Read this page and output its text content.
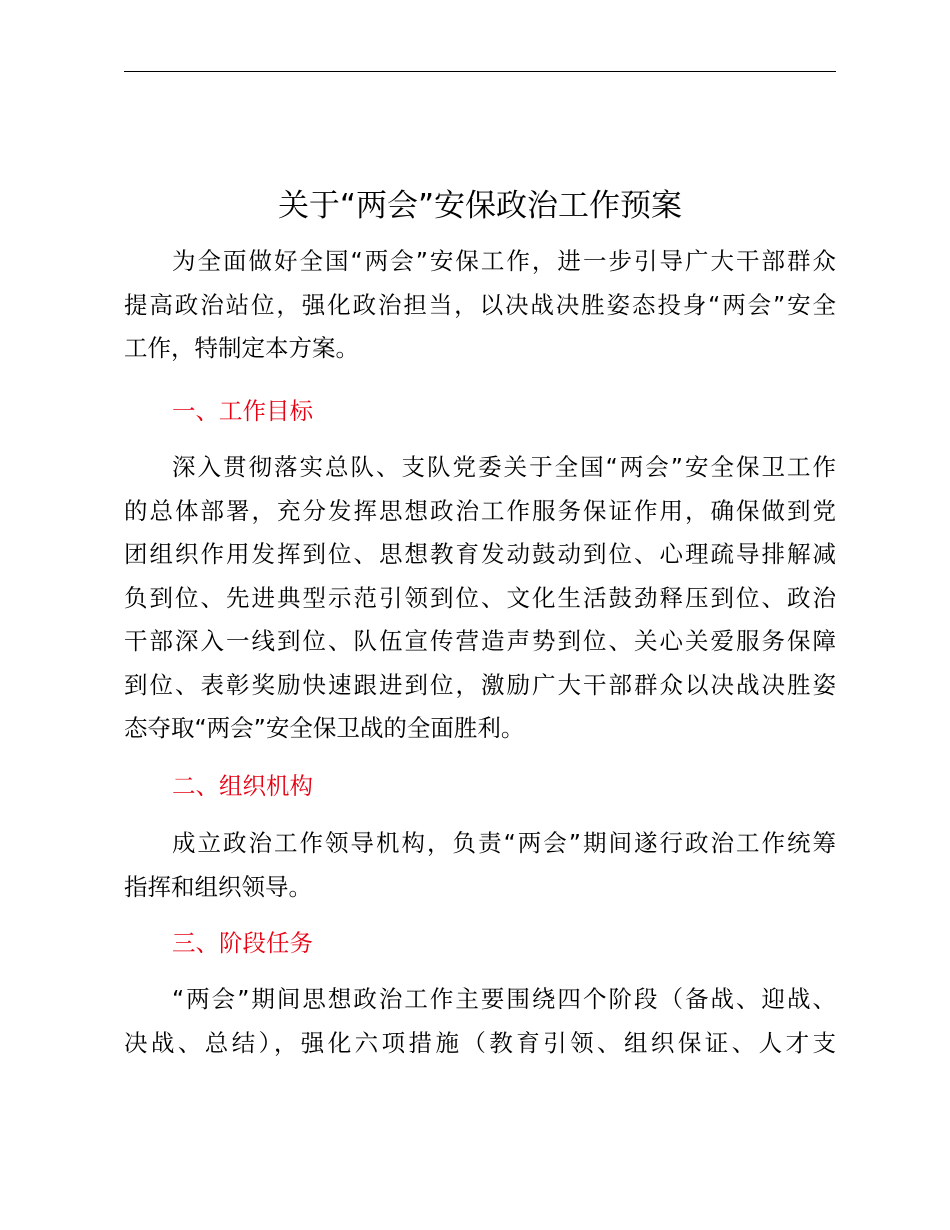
关于“两会”安保政治工作预案

为全面做好全国“两会”安保工作，进一步引导广大干部群众
提高政治站位，强化政治担当，以决战决胜姿态投身“两会”安全
工作，特制定本方案。

一、工作目标

深入贯彻落实总队、支队党委关于全国“两会”安全保卫工作
的总体部署，充分发挥思想政治工作服务保证作用，确保做到党
团组织作用发挥到位、思想教育发动鼓动到位、心理疏导排解减
负到位、先进典型示范引领到位、文化生活鼓劲释压到位、政治
干部深入一线到位、队伍宣传营造声势到位、关心关爱服务保障
到位、表彰奖励快速跟进到位，激励广大干部群众以决战决胜姿
态夺取“两会”安全保卫战的全面胜利。

二、组织机构

成立政治工作领导机构，负责“两会”期间遂行政治工作统筹
指挥和组织领导。

三、阶段任务

“两会”期间思想政治工作主要围绕四个阶段（备战、迎战、
决战、总结），强化六项措施（教育引领、组织保证、人才支
